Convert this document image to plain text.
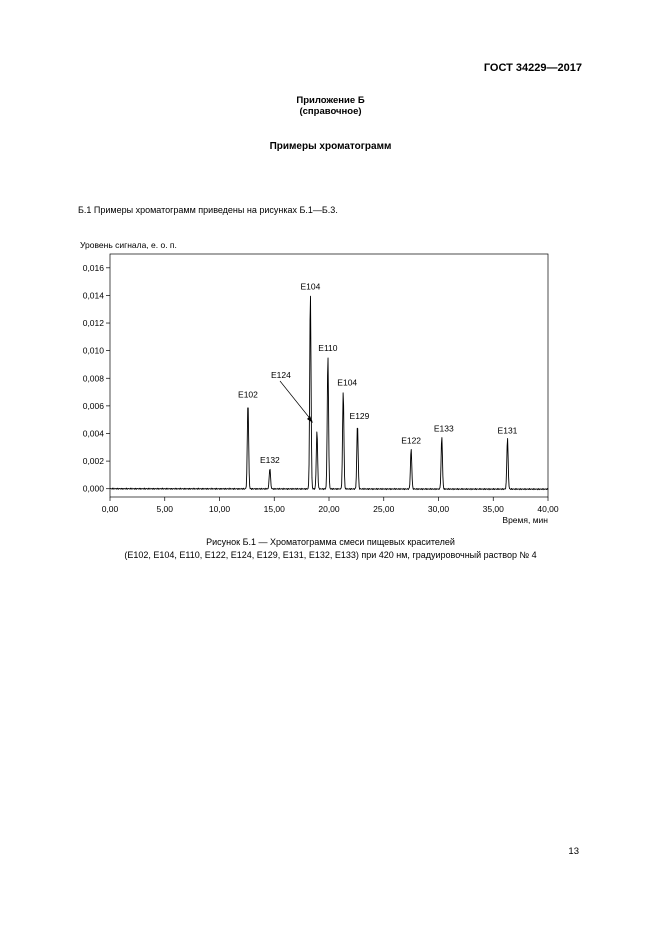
ГОСТ 34229—2017
Приложение Б
(справочное)
Примеры хроматограмм
Б.1 Примеры хроматограмм приведены на рисунках Б.1—Б.3.
Уровень сигнала, е. о. п.
0,000
0,002
0,004
0,006
0,008
0,010
0,012
0,014
0,016
0,00	5,00	10,00	15,00	20,00	25,00	30,00	35,00	40,00
Е102
Е132
Е104
Е124
Е110
Е104
Е129
Е122
Е133	Е131
Время, мин
Рисунок Б.1 — Хроматограмма смеси пищевых красителей
(Е102, Е104, Е110, Е122, Е124, Е129, Е131, Е132, Е133) при 420 нм, градуировочный раствор № 4
13
